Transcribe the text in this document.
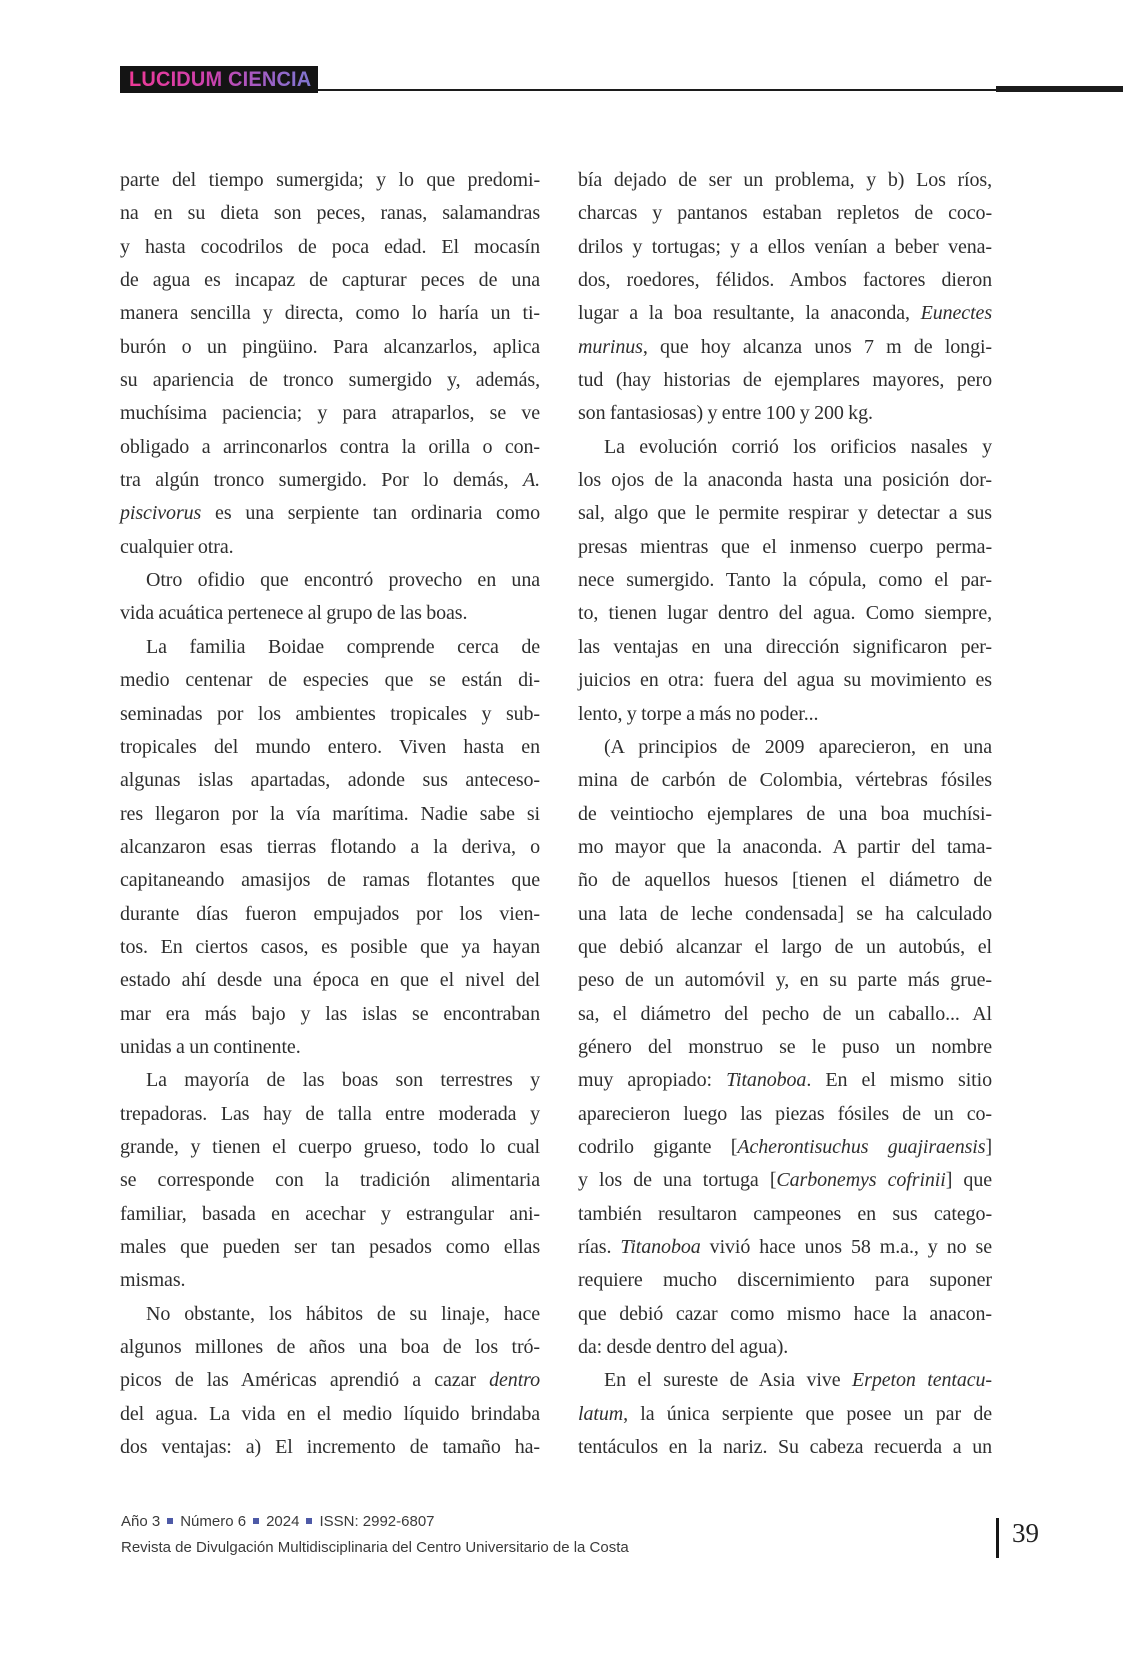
LUCIDUM CIENCIA
parte del tiempo sumergida; y lo que predomi-
na en su dieta son peces, ranas, salamandras
y hasta cocodrilos de poca edad. El mocasín
de agua es incapaz de capturar peces de una
manera sencilla y directa, como lo haría un ti-
burón o un pingüino. Para alcanzarlos, aplica
su apariencia de tronco sumergido y, además,
muchísima paciencia; y para atraparlos, se ve
obligado a arrinconarlos contra la orilla o con-
tra algún tronco sumergido. Por lo demás, A.
piscivorus es una serpiente tan ordinaria como
cualquier otra.
Otro ofidio que encontró provecho en una
vida acuática pertenece al grupo de las boas.
La familia Boidae comprende cerca de
medio centenar de especies que se están di-
seminadas por los ambientes tropicales y sub-
tropicales del mundo entero. Viven hasta en
algunas islas apartadas, adonde sus anteceso-
res llegaron por la vía marítima. Nadie sabe si
alcanzaron esas tierras flotando a la deriva, o
capitaneando amasijos de ramas flotantes que
durante días fueron empujados por los vien-
tos. En ciertos casos, es posible que ya hayan
estado ahí desde una época en que el nivel del
mar era más bajo y las islas se encontraban
unidas a un continente.
La mayoría de las boas son terrestres y
trepadoras. Las hay de talla entre moderada y
grande, y tienen el cuerpo grueso, todo lo cual
se corresponde con la tradición alimentaria
familiar, basada en acechar y estrangular ani-
males que pueden ser tan pesados como ellas
mismas.
No obstante, los hábitos de su linaje, hace
algunos millones de años una boa de los tró-
picos de las Américas aprendió a cazar dentro
del agua. La vida en el medio líquido brindaba
dos ventajas: a) El incremento de tamaño ha-
bía dejado de ser un problema, y b) Los ríos,
charcas y pantanos estaban repletos de coco-
drilos y tortugas; y a ellos venían a beber vena-
dos, roedores, félidos. Ambos factores dieron
lugar a la boa resultante, la anaconda, Eunectes
murinus, que hoy alcanza unos 7 m de longi-
tud (hay historias de ejemplares mayores, pero
son fantasiosas) y entre 100 y 200 kg.
La evolución corrió los orificios nasales y
los ojos de la anaconda hasta una posición dor-
sal, algo que le permite respirar y detectar a sus
presas mientras que el inmenso cuerpo perma-
nece sumergido. Tanto la cópula, como el par-
to, tienen lugar dentro del agua. Como siempre,
las ventajas en una dirección significaron per-
juicios en otra: fuera del agua su movimiento es
lento, y torpe a más no poder...
(A principios de 2009 aparecieron, en una
mina de carbón de Colombia, vértebras fósiles
de veintiocho ejemplares de una boa muchísi-
mo mayor que la anaconda. A partir del tama-
ño de aquellos huesos [tienen el diámetro de
una lata de leche condensada] se ha calculado
que debió alcanzar el largo de un autobús, el
peso de un automóvil y, en su parte más grue-
sa, el diámetro del pecho de un caballo... Al
género del monstruo se le puso un nombre
muy apropiado: Titanoboa. En el mismo sitio
aparecieron luego las piezas fósiles de un co-
codrilo gigante [Acherontisuchus guajiraensis]
y los de una tortuga [Carbonemys cofrinii] que
también resultaron campeones en sus catego-
rías. Titanoboa vivió hace unos 58 m.a., y no se
requiere mucho discernimiento para suponer
que debió cazar como mismo hace la anacon-
da: desde dentro del agua).
En el sureste de Asia vive Erpeton tentacu-
latum, la única serpiente que posee un par de
tentáculos en la nariz. Su cabeza recuerda a un
Año 3 Número 6 2024 ISSN: 2992-6807
Revista de Divulgación Multidisciplinaria del Centro Universitario de la Costa	39
